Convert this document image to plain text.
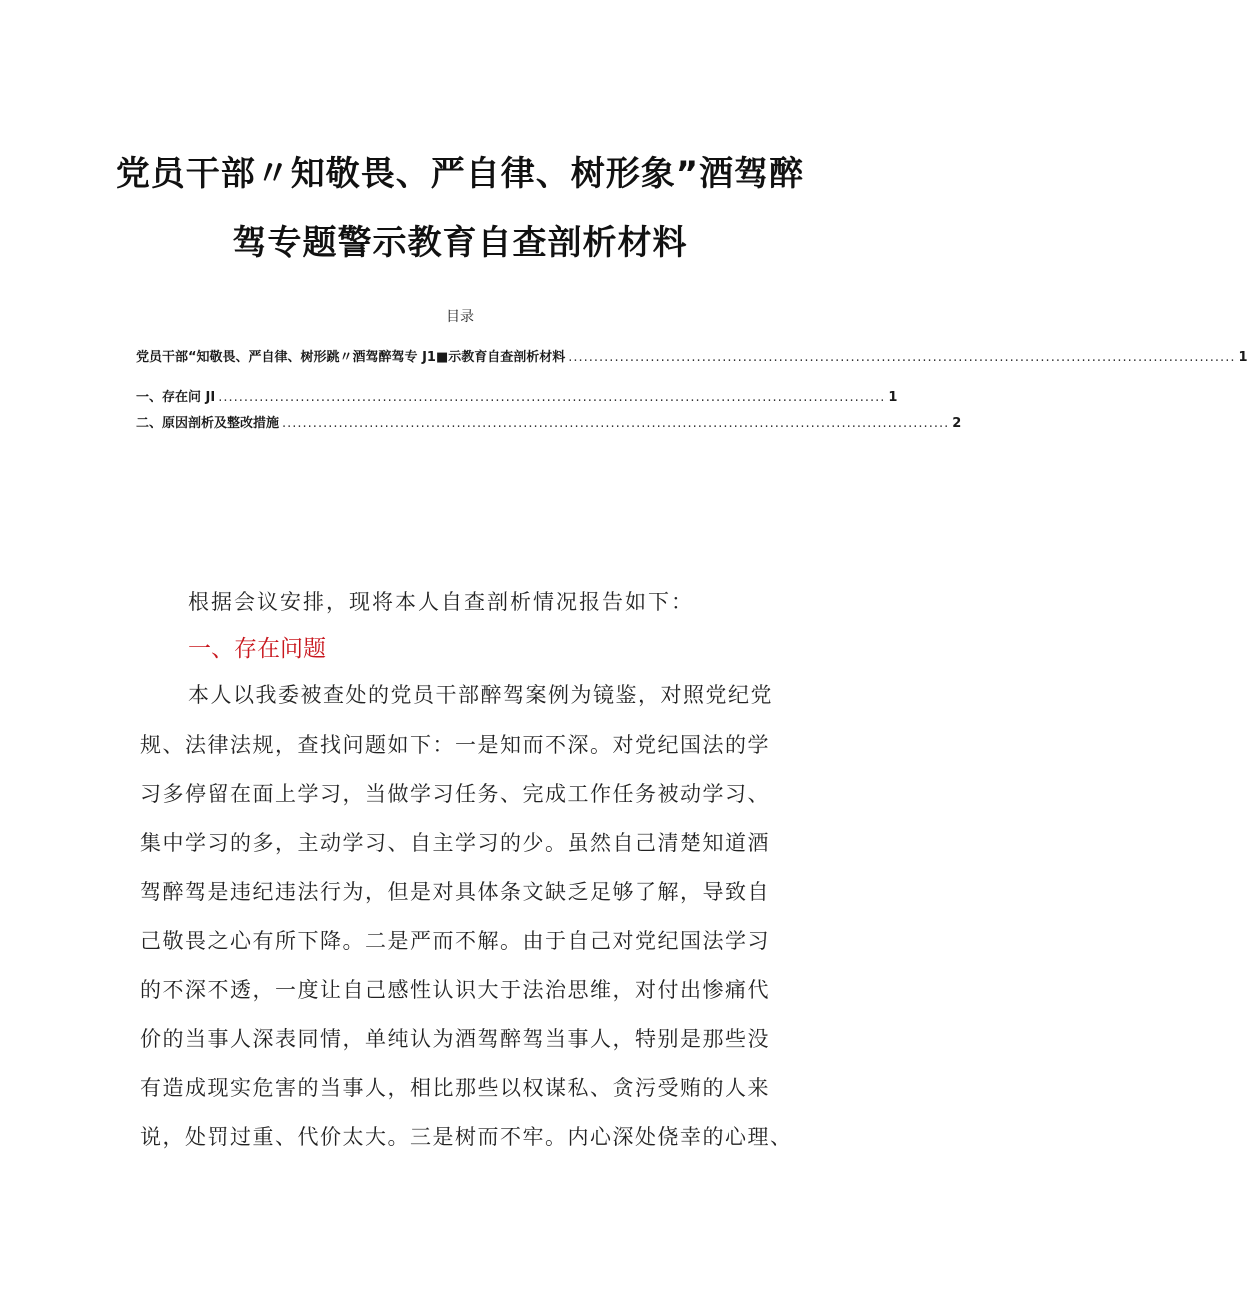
党员干部〃知敬畏、严自律、树形象”酒驾醉
驾专题警示教育自查剖析材料
目录
党员干部“知敬畏、严自律、树形跳〃酒驾醉驾专 J1■示教育自查剖析材料 .................................................................................................................................. 1
一、存在问 JI .................................................................................................................................. 1
二、原因剖析及整改措施 .................................................................................................................................. 2
根据会议安排，现将本人自查剖析情况报告如下：
一、存在问题
本人以我委被查处的党员干部醉驾案例为镜鉴，对照党纪党
规、法律法规，查找问题如下：一是知而不深。对党纪国法的学
习多停留在面上学习，当做学习任务、完成工作任务被动学习、
集中学习的多，主动学习、自主学习的少。虽然自己清楚知道酒
驾醉驾是违纪违法行为，但是对具体条文缺乏足够了解，导致自
己敬畏之心有所下降。二是严而不解。由于自己对党纪国法学习
的不深不透，一度让自己感性认识大于法治思维，对付出惨痛代
价的当事人深表同情，单纯认为酒驾醉驾当事人，特别是那些没
有造成现实危害的当事人，相比那些以权谋私、贪污受贿的人来
说，处罚过重、代价太大。三是树而不牢。内心深处侥幸的心理、
